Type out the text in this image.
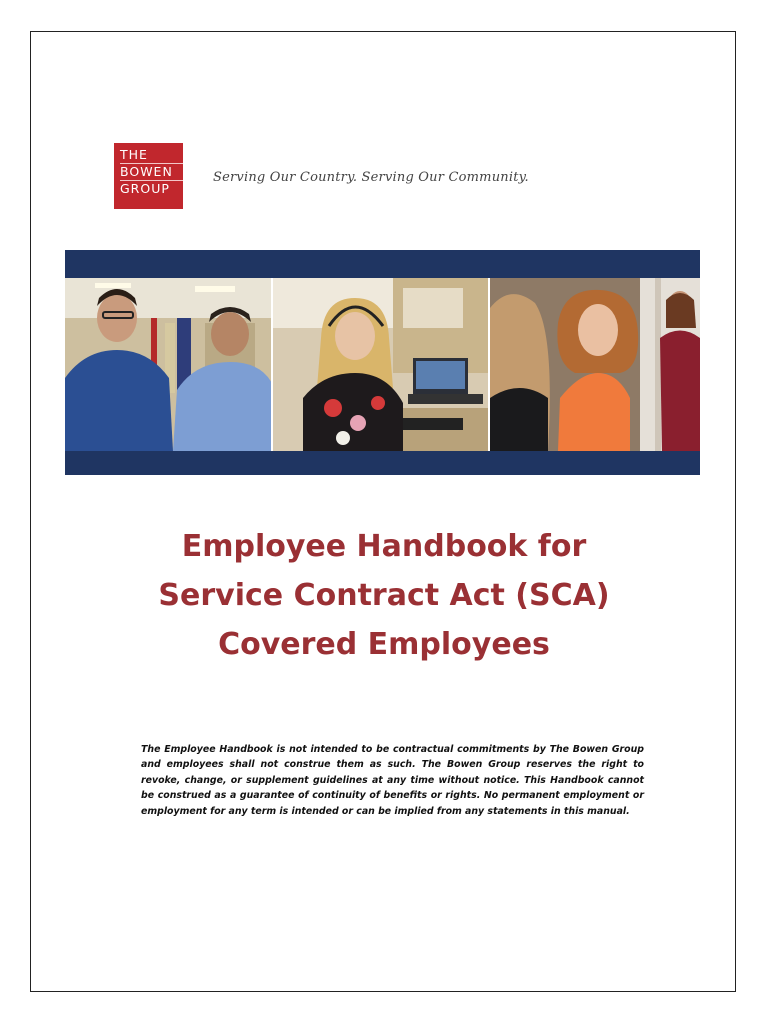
THE
BOWEN
GROUP
Serving Our Country. Serving Our Community.
Employee Handbook for
Service Contract Act (SCA)
Covered Employees
The Employee Handbook is not intended to be contractual commitments by The Bowen Group and employees shall not construe them as such. The Bowen Group reserves the right to revoke, change, or supplement guidelines at any time without notice. This Handbook cannot be construed as a guarantee of continuity of benefits or rights. No permanent employment or employment for any term is intended or can be implied from any statements in this manual.
